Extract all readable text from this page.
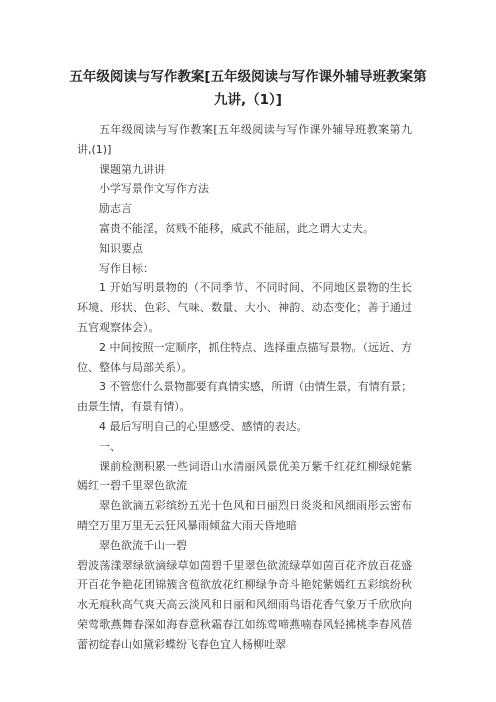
五年级阅读与写作教案[五年级阅读与写作课外辅导班教案第九讲,（1）]

五年级阅读与写作教案[五年级阅读与写作课外辅导班教案第九讲,(1)]

课题第九讲讲

小学写景作文写作方法

励志言

富贵不能淫，贫贱不能移，威武不能屈，此之谓大丈夫。

知识要点

写作目标：

1 开始写明景物的（不同季节、不同时间、不同地区景物的生长环境、形状、色彩、气味、数量、大小、神韵、动态变化；善于通过五官观察体会）。

2 中间按照一定顺序，抓住特点、选择重点描写景物。（远近、方位、整体与局部关系）。

3 不管您什么景物都要有真情实感，所谓（由情生景，有情有景；由景生情，有景有情）。

4 最后写明自己的心里感受、感情的表达。

一、

课前检测积累一些词语山水清丽风景优美万紫千红花红柳绿姹紫嫣红一碧千里翠色欲流

翠色欲滴五彩缤纷五光十色风和日丽烈日炎炎和风细雨彤云密布晴空万里万里无云狂风暴雨倾盆大雨天昏地暗

翠色欲流千山一碧

碧波荡漾翠绿欲滴绿草如茵碧千里翠色欲流绿草如茵百花齐放百花盛开百花争艳花团锦簇含苞欲放花红柳绿争奇斗艳姹紫嫣红五彩缤纷秋水无痕秋高气爽天高云淡风和日丽和风细雨鸟语花香气象万千欣欣向荣莺歌燕舞春深如海春意秋霜春江如练莺啼燕喃春风轻拂桃李春风蓓蕾初绽春山如黛彩蝶纷飞春色宜人杨柳吐翠
